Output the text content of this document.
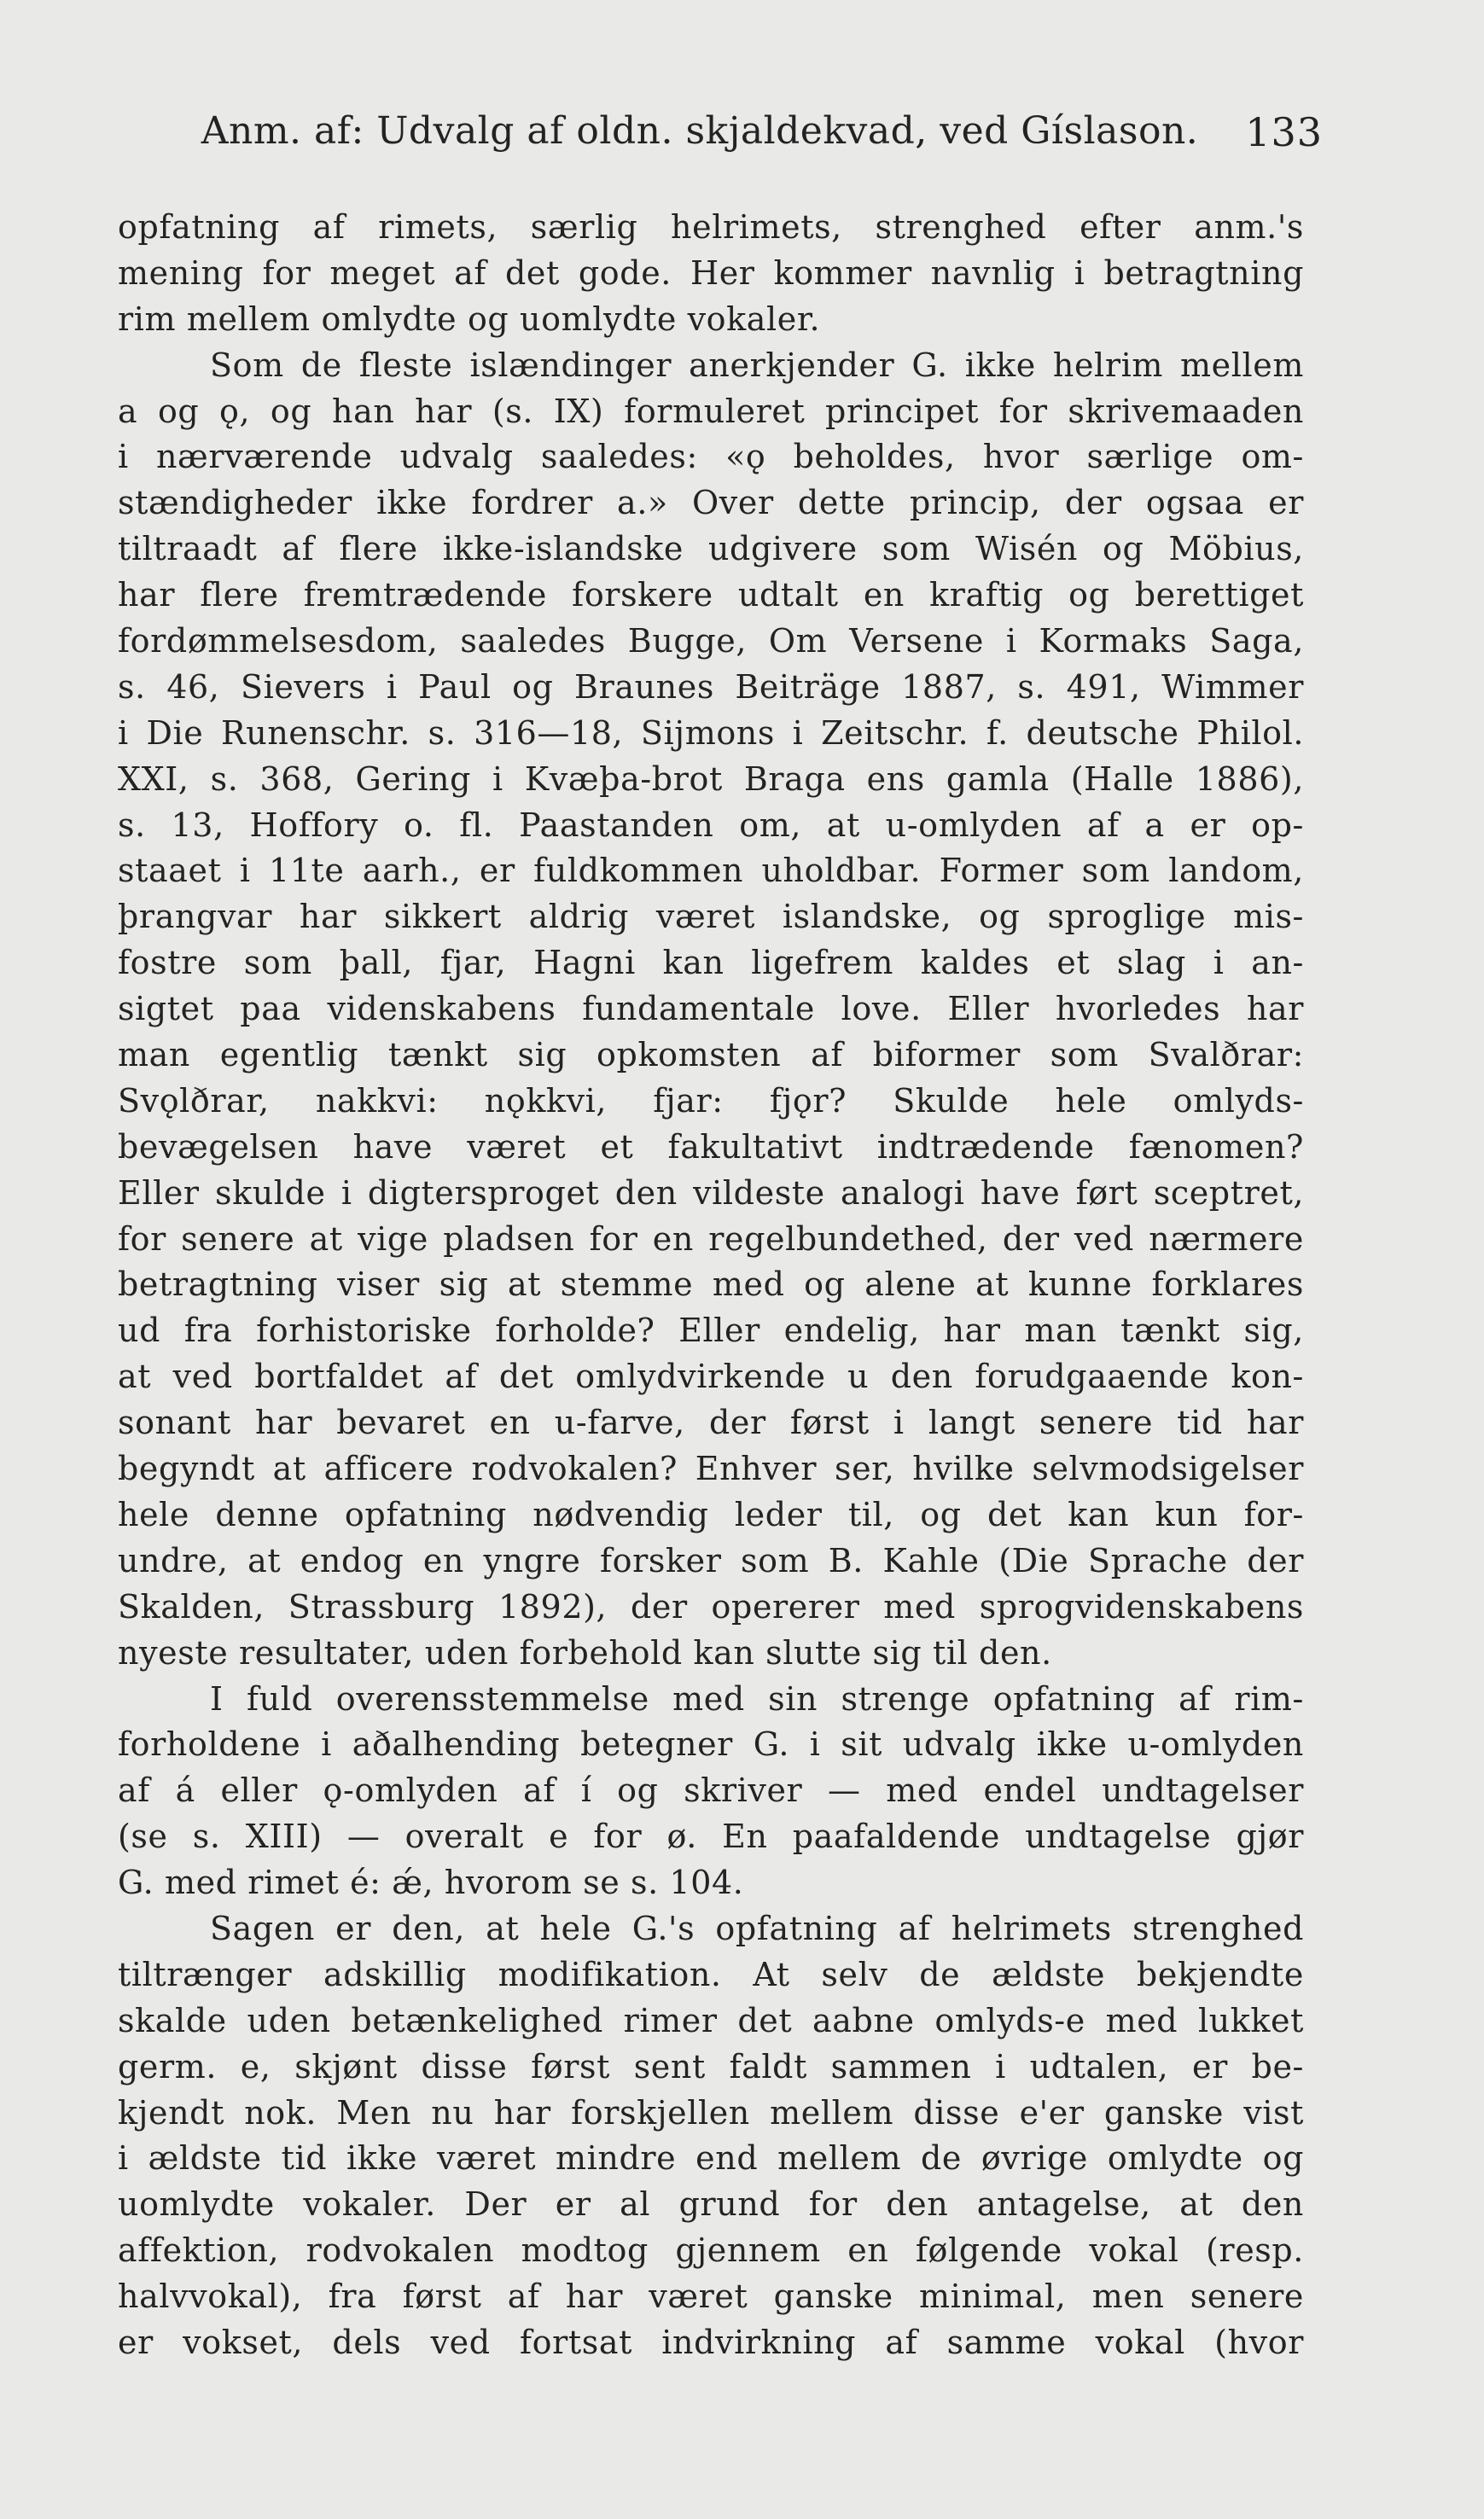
Anm. af: Udvalg af oldn. skjaldekvad, ved Gíslason.	133
opfatning af rimets, særlig helrimets, strenghed efter anm.'s
mening for meget af det gode. Her kommer navnlig i betragtning
rim mellem omlydte og uomlydte vokaler.
Som de fleste islændinger anerkjender G. ikke helrim mellem
a og ǫ, og han har (s. IX) formuleret principet for skrivemaaden
i nærværende udvalg saaledes: «ǫ beholdes, hvor særlige om-
stændigheder ikke fordrer a.» Over dette princip, der ogsaa er
tiltraadt af flere ikke-islandske udgivere som Wisén og Möbius,
har flere fremtrædende forskere udtalt en kraftig og berettiget
fordømmelsesdom, saaledes Bugge, Om Versene i Kormaks Saga,
s. 46, Sievers i Paul og Braunes Beiträge 1887, s. 491, Wimmer
i Die Runenschr. s. 316—18, Sijmons i Zeitschr. f. deutsche Philol.
XXI, s. 368, Gering i Kvæþa-brot Braga ens gamla (Halle 1886),
s. 13, Hoffory o. fl. Paastanden om, at u-omlyden af a er op-
staaet i 11te aarh., er fuldkommen uholdbar. Former som landom,
þrangvar har sikkert aldrig været islandske, og sproglige mis-
fostre som þall, fjar, Hagni kan ligefrem kaldes et slag i an-
sigtet paa videnskabens fundamentale love. Eller hvorledes har
man egentlig tænkt sig opkomsten af biformer som Svalðrar:
Svǫlðrar, nakkvi: nǫkkvi, fjar: fjǫr? Skulde hele omlyds-
bevægelsen have været et fakultativt indtrædende fænomen?
Eller skulde i digtersproget den vildeste analogi have ført sceptret,
for senere at vige pladsen for en regelbundethed, der ved nærmere
betragtning viser sig at stemme med og alene at kunne forklares
ud fra forhistoriske forholde? Eller endelig, har man tænkt sig,
at ved bortfaldet af det omlydvirkende u den forudgaaende kon-
sonant har bevaret en u-farve, der først i langt senere tid har
begyndt at afficere rodvokalen? Enhver ser, hvilke selvmodsigelser
hele denne opfatning nødvendig leder til, og det kan kun for-
undre, at endog en yngre forsker som B. Kahle (Die Sprache der
Skalden, Strassburg 1892), der opererer med sprogvidenskabens
nyeste resultater, uden forbehold kan slutte sig til den.
I fuld overensstemmelse med sin strenge opfatning af rim-
forholdene i aðalhending betegner G. i sit udvalg ikke u-omlyden
af á eller ǫ-omlyden af í og skriver — med endel undtagelser
(se s. XIII) — overalt e for ø. En paafaldende undtagelse gjør
G. med rimet é: ǽ, hvorom se s. 104.
Sagen er den, at hele G.'s opfatning af helrimets strenghed
tiltrænger adskillig modifikation. At selv de ældste bekjendte
skalde uden betænkelighed rimer det aabne omlyds-e med lukket
germ. e, skjønt disse først sent faldt sammen i udtalen, er be-
kjendt nok. Men nu har forskjellen mellem disse e'er ganske vist
i ældste tid ikke været mindre end mellem de øvrige omlydte og
uomlydte vokaler. Der er al grund for den antagelse, at den
affektion, rodvokalen modtog gjennem en følgende vokal (resp.
halvvokal), fra først af har været ganske minimal, men senere
er vokset, dels ved fortsat indvirkning af samme vokal (hvor
